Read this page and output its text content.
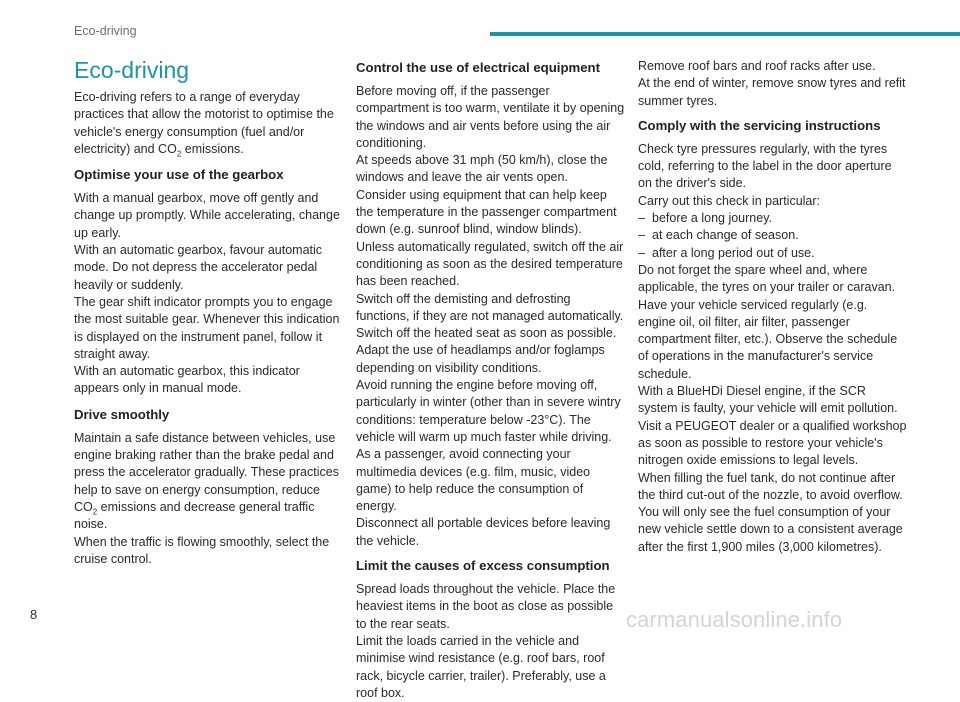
Eco-driving
Eco-driving

Eco-driving refers to a range of everyday practices that allow the motorist to optimise the vehicle's energy consumption (fuel and/or electricity) and $CO_2$ emissions.

Optimise your use of the gearbox

With a manual gearbox, move off gently and change up promptly. While accelerating, change up early.
With an automatic gearbox, favour automatic mode. Do not depress the accelerator pedal heavily or suddenly.
The gear shift indicator prompts you to engage the most suitable gear. Whenever this indication is displayed on the instrument panel, follow it straight away.
With an automatic gearbox, this indicator appears only in manual mode.

Drive smoothly

Maintain a safe distance between vehicles, use engine braking rather than the brake pedal and press the accelerator gradually. These practices help to save on energy consumption, reduce $CO_2$ emissions and decrease general traffic noise.
When the traffic is flowing smoothly, select the cruise control.

Control the use of electrical equipment

Before moving off, if the passenger compartment is too warm, ventilate it by opening the windows and air vents before using the air conditioning.
At speeds above 31 mph (50 km/h), close the windows and leave the air vents open.
Consider using equipment that can help keep the temperature in the passenger compartment down (e.g. sunroof blind, window blinds).
Unless automatically regulated, switch off the air conditioning as soon as the desired temperature has been reached.
Switch off the demisting and defrosting functions, if they are not managed automatically.
Switch off the heated seat as soon as possible.
Adapt the use of headlamps and/or foglamps depending on visibility conditions.
Avoid running the engine before moving off, particularly in winter (other than in severe wintry conditions: temperature below -23°C). The vehicle will warm up much faster while driving.
As a passenger, avoid connecting your multimedia devices (e.g. film, music, video game) to help reduce the consumption of energy.
Disconnect all portable devices before leaving the vehicle.

Limit the causes of excess consumption

Spread loads throughout the vehicle. Place the heaviest items in the boot as close as possible to the rear seats.
Limit the loads carried in the vehicle and minimise wind resistance (e.g. roof bars, roof rack, bicycle carrier, trailer). Preferably, use a roof box.

Remove roof bars and roof racks after use.
At the end of winter, remove snow tyres and refit summer tyres.

Comply with the servicing instructions

Check tyre pressures regularly, with the tyres cold, referring to the label in the door aperture on the driver's side.
Carry out this check in particular:
– before a long journey.
– at each change of season.
– after a long period out of use.
Do not forget the spare wheel and, where applicable, the tyres on your trailer or caravan.
Have your vehicle serviced regularly (e.g. engine oil, oil filter, air filter, passenger compartment filter, etc.). Observe the schedule of operations in the manufacturer's service schedule.
With a BlueHDi Diesel engine, if the SCR system is faulty, your vehicle will emit pollution. Visit a PEUGEOT dealer or a qualified workshop as soon as possible to restore your vehicle's nitrogen oxide emissions to legal levels.
When filling the fuel tank, do not continue after the third cut-out of the nozzle, to avoid overflow.
You will only see the fuel consumption of your new vehicle settle down to a consistent average after the first 1,900 miles (3,000 kilometres).

8	carmanualsonline.info
